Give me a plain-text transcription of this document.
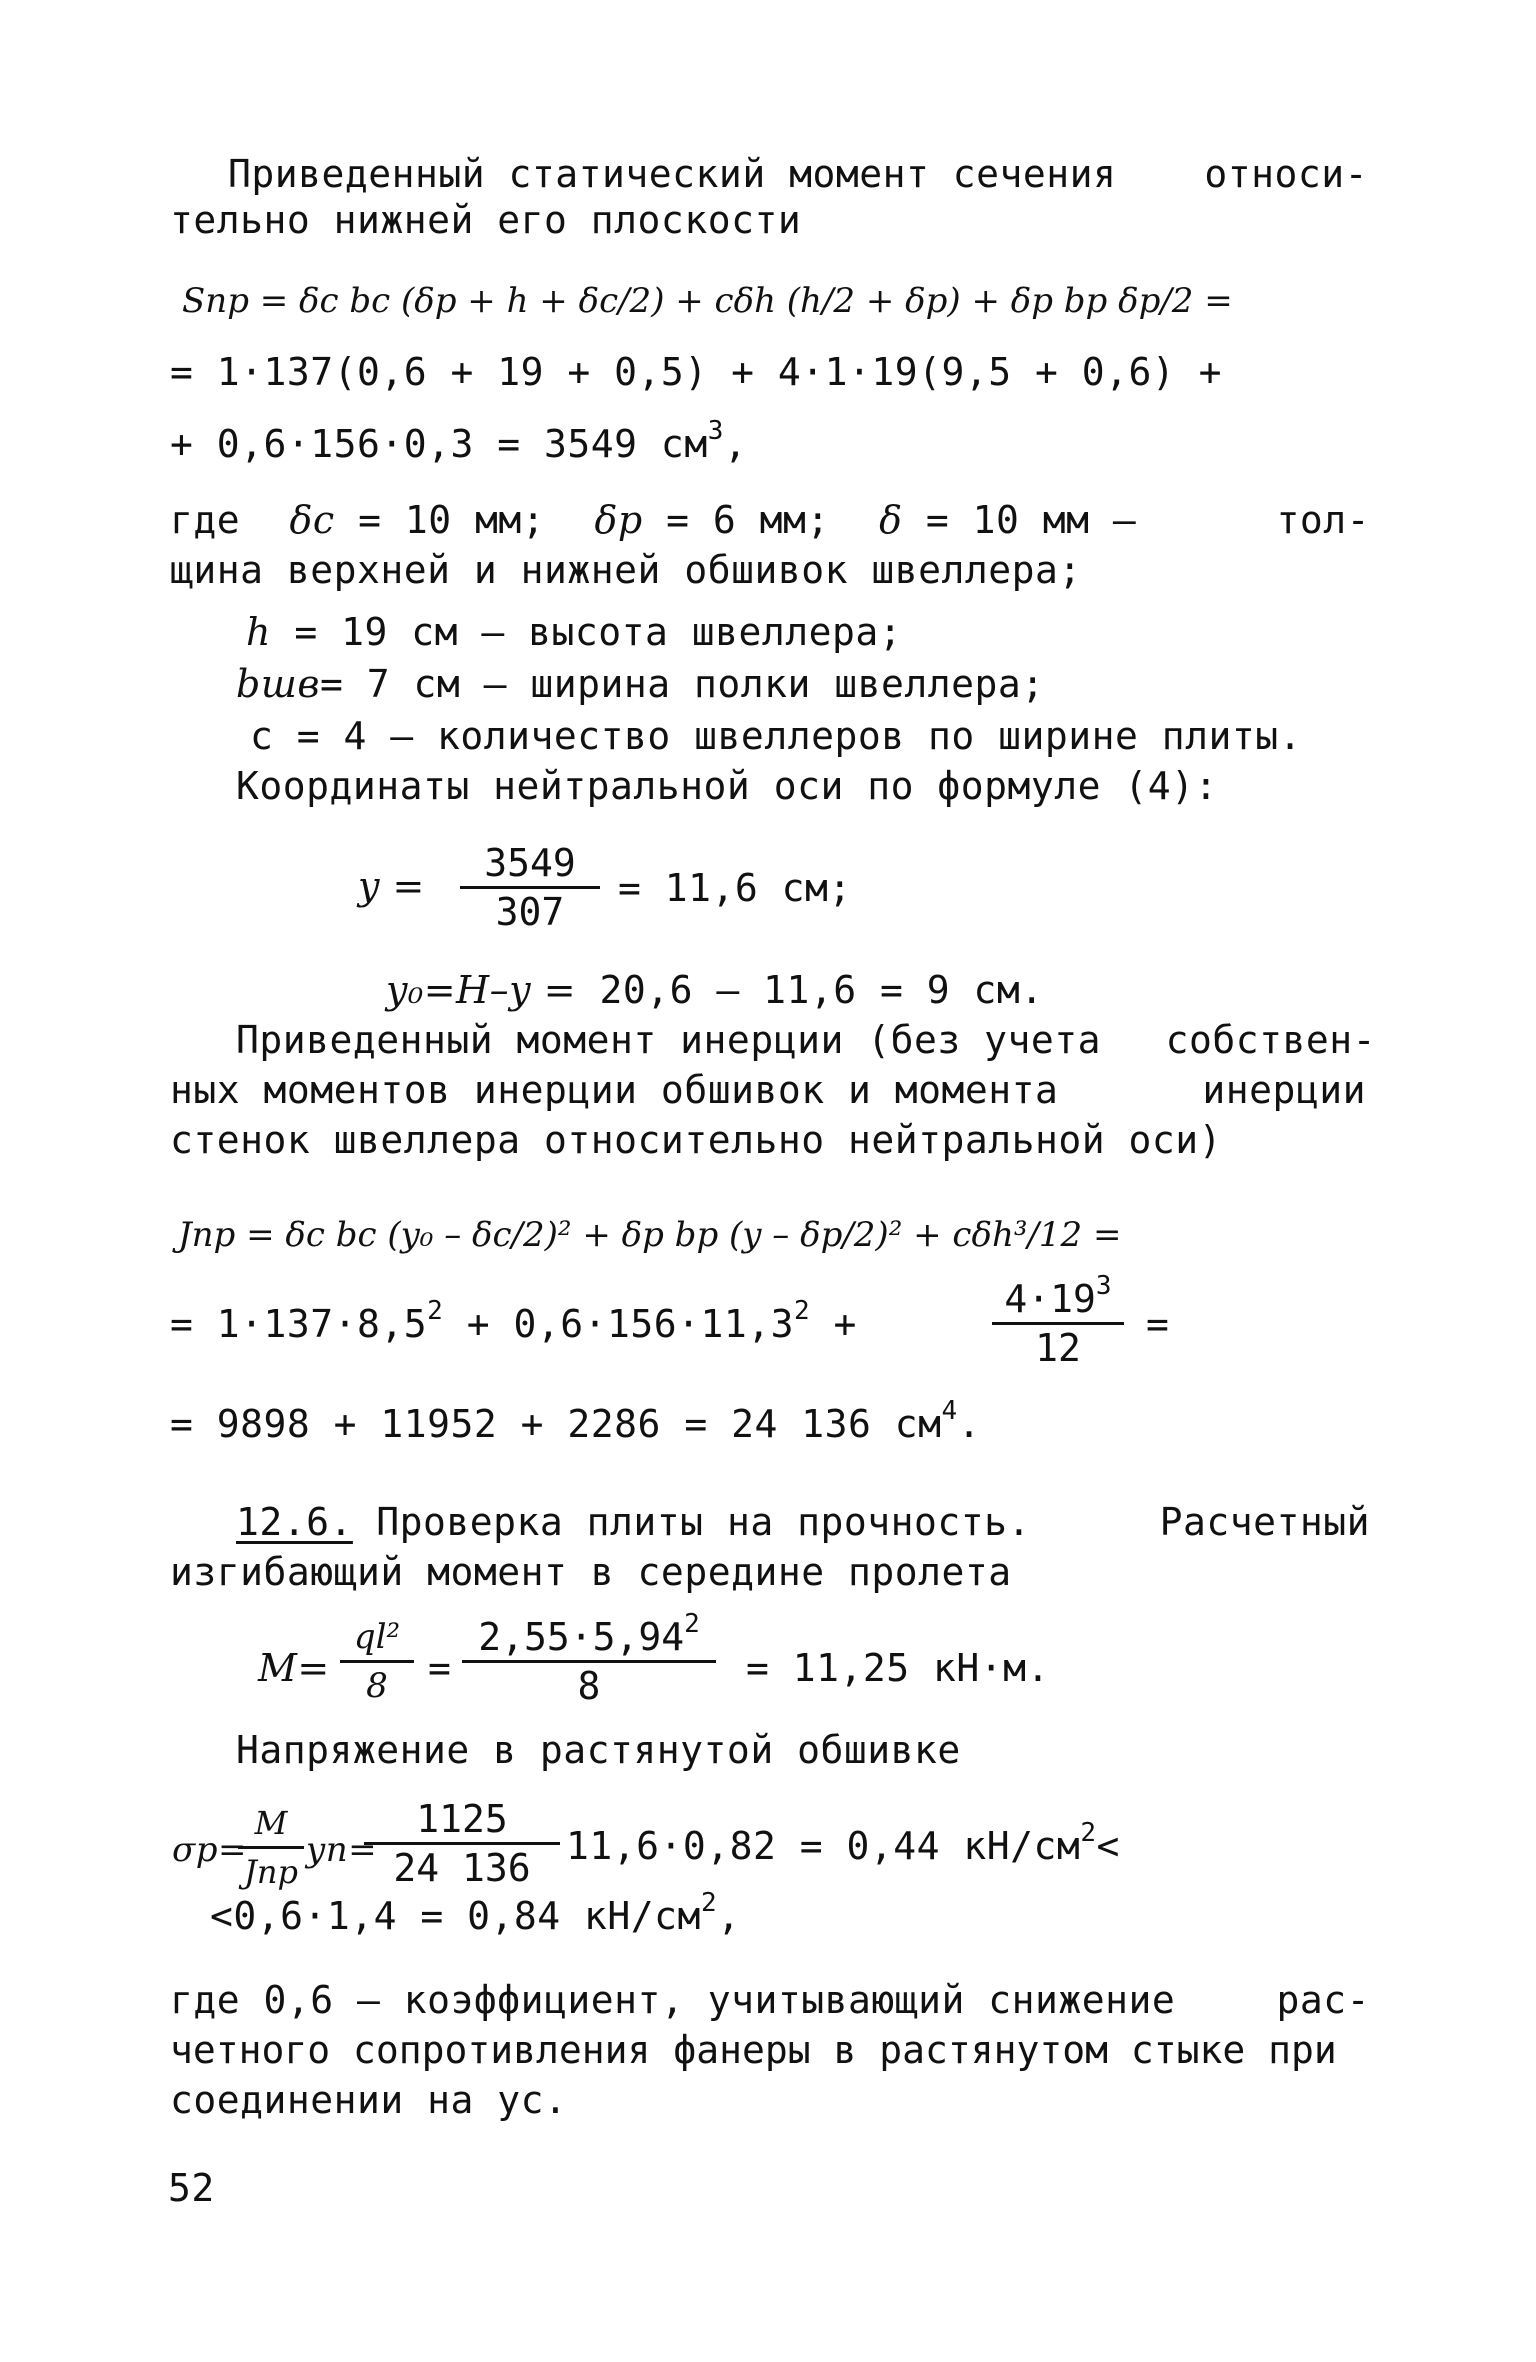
Приведенный статический момент сечения относи-
тельно нижней его плоскости
Sпр = δc bc (δp + h + δc/2) + cδh (h/2 + δp) + δp bp δp/2 =
= 1·137(0,6 + 19 + 0,5) + 4·1·19(9,5 + 0,6) +
+ 0,6·156·0,3 = 3549 $см^3$,
где δc = 10 мм; δp = 6 мм; δ = 10 мм –	тол-
щина верхней и нижней обшивок швеллера;
h = 19 см – высота швеллера;
bшв= 7 см – ширина полки швеллера;
c = 4 – количество швеллеров по ширине плиты.
Координаты нейтральной оси по формуле (4):
$y = \frac{3549}{307} = 11,6$ см;
y₀=H–y = 20,6 – 11,6 = 9 см.
Приведенный момент инерции (без учета собствен-
ных моментов инерции обшивок и момента	инерции
стенок швеллера относительно нейтральной оси)
Jпр = δc bc (y₀ – δc/2)² + δp bp (y – δp/2)² + cδh³/12 =
= $1\cdot 137\cdot 8,5^2 + 0,6\cdot 156\cdot 11,3^2$ +	$\frac{4\cdot 19^3}{12}$ =
= 9898 + 11952 + 2286 = 24 136 $см^4$.
12.6. Проверка плиты на прочность.	Расчетный
изгибающий момент в середине пролета
$M= \frac{\text{ql²}}{8} = \frac{2,55\cdot 5,94^2}{8} = 11,25$ кН·м.
Напряжение в растянутой обшивке
σp=
M
Jпр
yn=
$\frac{1125}{24 136} 11,6\cdot 0,82 = 0,44$ $кН/см^2<$
<0,6·1,4 = 0,84 $кН/см^2$,
где 0,6 – коэффициент, учитывающий снижение	рас-
четного сопротивления фанеры в растянутом стыке при
соединении на ус.
52
